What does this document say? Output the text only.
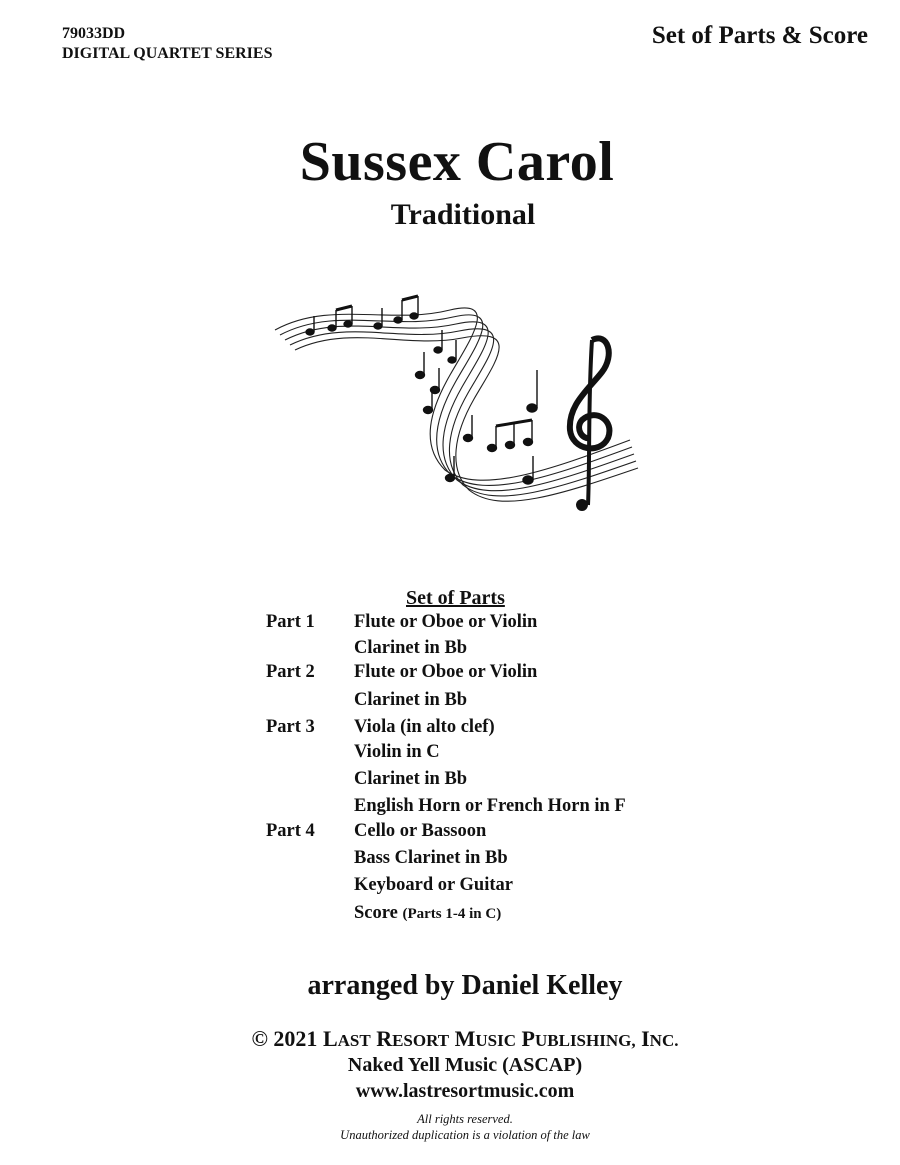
79033DD
DIGITAL QUARTET SERIES
Set of Parts & Score
Sussex Carol
Traditional
Set of Parts
Part 1	Flute or Oboe or Violin
Clarinet in Bb
Part 2	Flute or Oboe or Violin
Clarinet in Bb
Part 3	Viola (in alto clef)
Violin in C
Clarinet in Bb
English Horn or French Horn in F
Part 4	Cello or Bassoon
Bass Clarinet in Bb
Keyboard or Guitar
Score (Parts 1-4 in C)
arranged by Daniel Kelley
© 2021 LAST RESORT MUSIC PUBLISHING, INC.
Naked Yell Music (ASCAP)
www.lastresortmusic.com
All rights reserved.
Unauthorized duplication is a violation of the law
